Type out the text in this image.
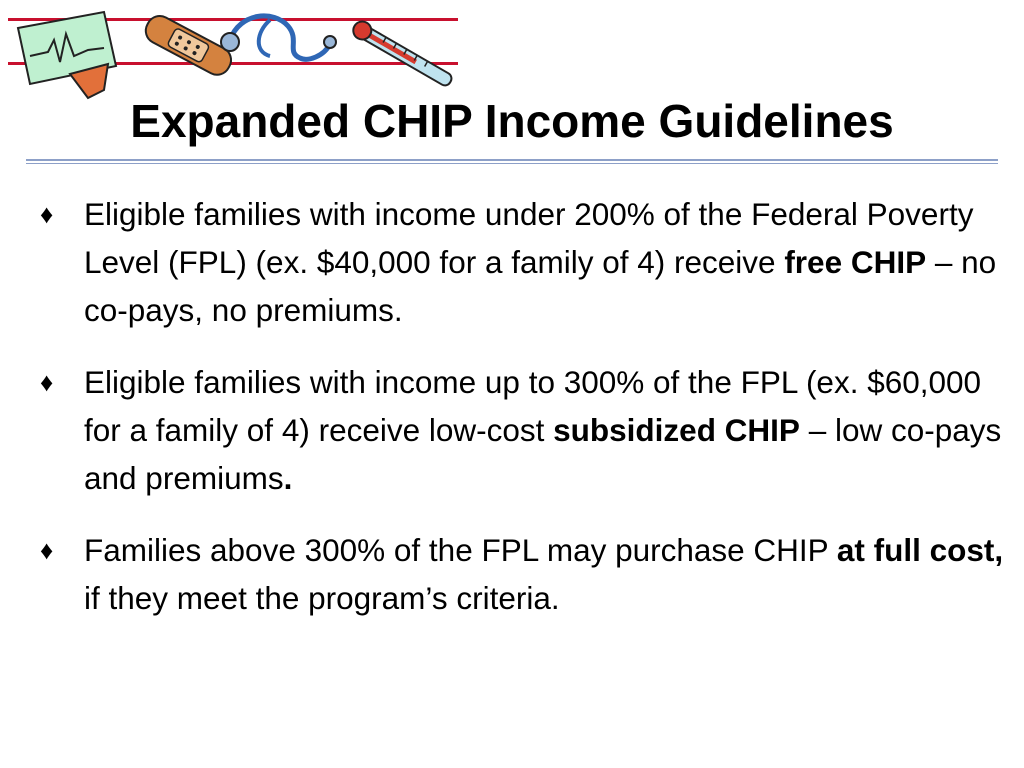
Expanded CHIP Income Guidelines
♦ Eligible families with income under 200% of the Federal Poverty Level (FPL) (ex. $40,000 for a family of 4) receive free CHIP – no co-pays, no premiums.
♦ Eligible families with income up to 300% of the FPL (ex. $60,000 for a family of 4) receive low-cost subsidized CHIP – low co-pays and premiums.
♦ Families above 300% of the FPL may purchase CHIP at full cost, if they meet the program’s criteria.
